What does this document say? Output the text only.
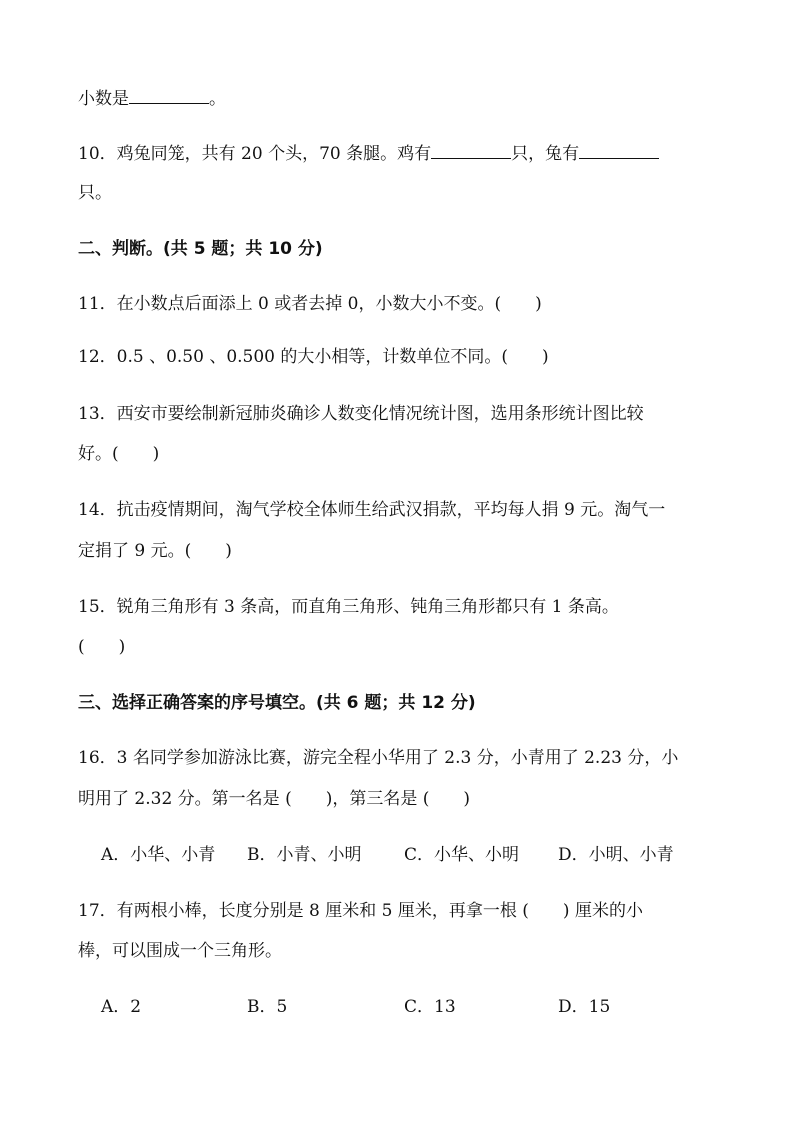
小数是	。
10．鸡兔同笼，共有 20 个头，70 条腿。鸡有	只，兔有
只。
二、判断。(共 5 题；共 10 分)
11．在小数点后面添上 0 或者去掉 0，小数大小不变。(　　)
12．0.5 、0.50 、0.500 的大小相等，计数单位不同。(　　)
13．西安市要绘制新冠肺炎确诊人数变化情况统计图，选用条形统计图比较
好。(　　)
14．抗击疫情期间，淘气学校全体师生给武汉捐款，平均每人捐 9 元。淘气一
定捐了 9 元。(　　)
15．锐角三角形有 3 条高，而直角三角形、钝角三角形都只有 1 条高。
(　　)
三、选择正确答案的序号填空。(共 6 题；共 12 分)
16．3 名同学参加游泳比赛，游完全程小华用了 2.3 分，小青用了 2.23 分，小
明用了 2.32 分。第一名是 (　　)，第三名是 (　　)
A．小华、小青 B．小青、小明	C．小华、小明 D．小明、小青
17．有两根小棒，长度分别是 8 厘米和 5 厘米，再拿一根 (　　) 厘米的小
棒，可以围成一个三角形。
A．2	B．5	C．13	D．15
